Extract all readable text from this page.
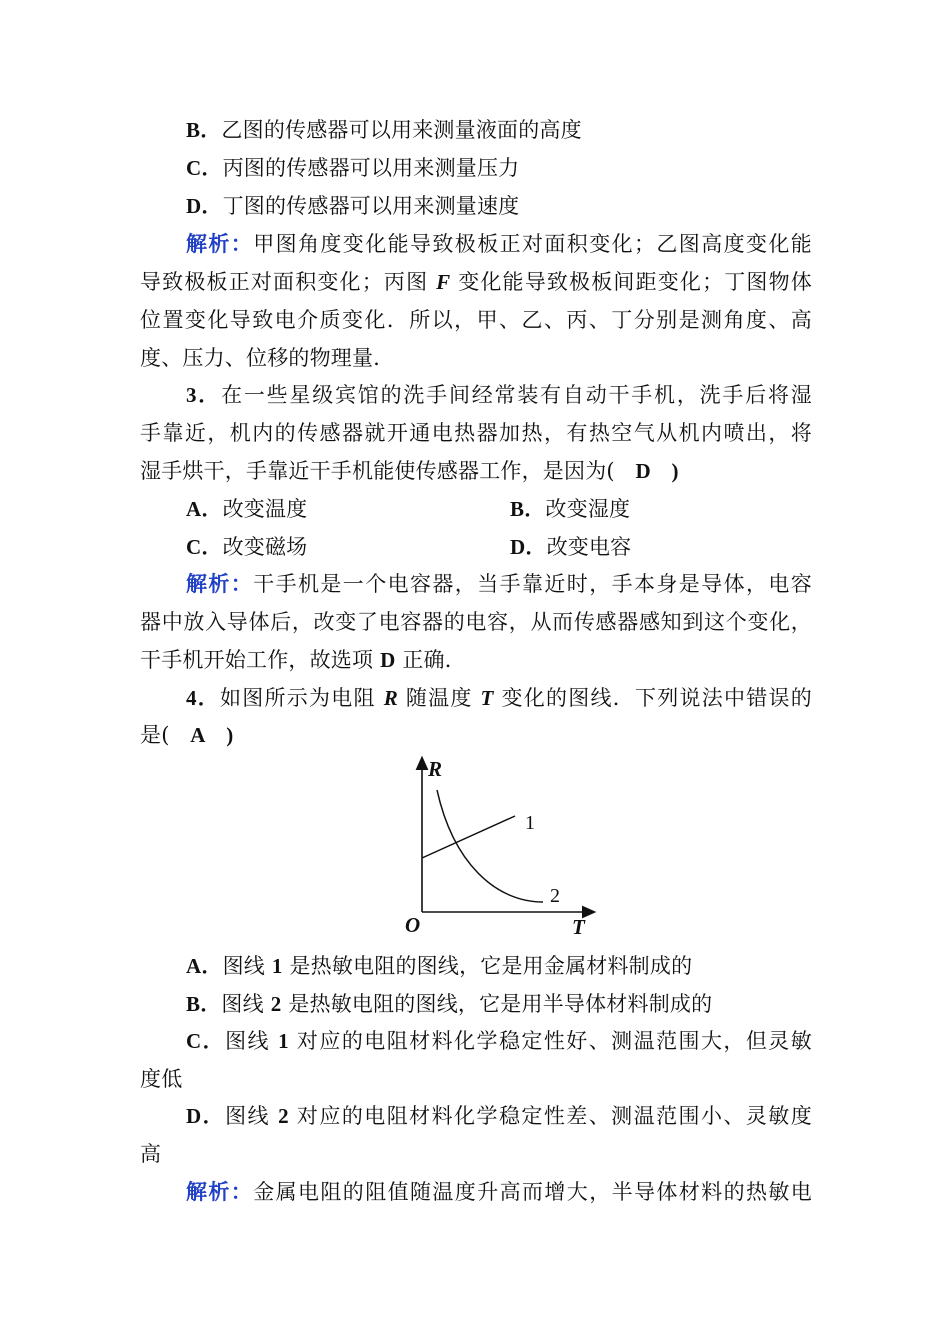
B．乙图的传感器可以用来测量液面的高度
C．丙图的传感器可以用来测量压力
D．丁图的传感器可以用来测量速度
解析：甲图角度变化能导致极板正对面积变化；乙图高度变化能
导致极板正对面积变化；丙图 F 变化能导致极板间距变化；丁图物体
位置变化导致电介质变化．所以，甲、乙、丙、丁分别是测角度、高
度、压力、位移的物理量．
3．在一些星级宾馆的洗手间经常装有自动干手机，洗手后将湿
手靠近，机内的传感器就开通电热器加热，有热空气从机内喷出，将
湿手烘干，手靠近干手机能使传感器工作，是因为( D )
A．改变温度	B．改变湿度
C．改变磁场	D．改变电容
解析：干手机是一个电容器，当手靠近时，手本身是导体，电容
器中放入导体后，改变了电容器的电容，从而传感器感知到这个变化，
干手机开始工作，故选项 D 正确．
4．如图所示为电阻 R 随温度 T 变化的图线．下列说法中错误的
是( A )
R
T
O
1
2
A．图线 1 是热敏电阻的图线，它是用金属材料制成的
B．图线 2 是热敏电阻的图线，它是用半导体材料制成的
C．图线 1 对应的电阻材料化学稳定性好、测温范围大，但灵敏
度低
D．图线 2 对应的电阻材料化学稳定性差、测温范围小、灵敏度
高
解析：金属电阻的阻值随温度升高而增大，半导体材料的热敏电
